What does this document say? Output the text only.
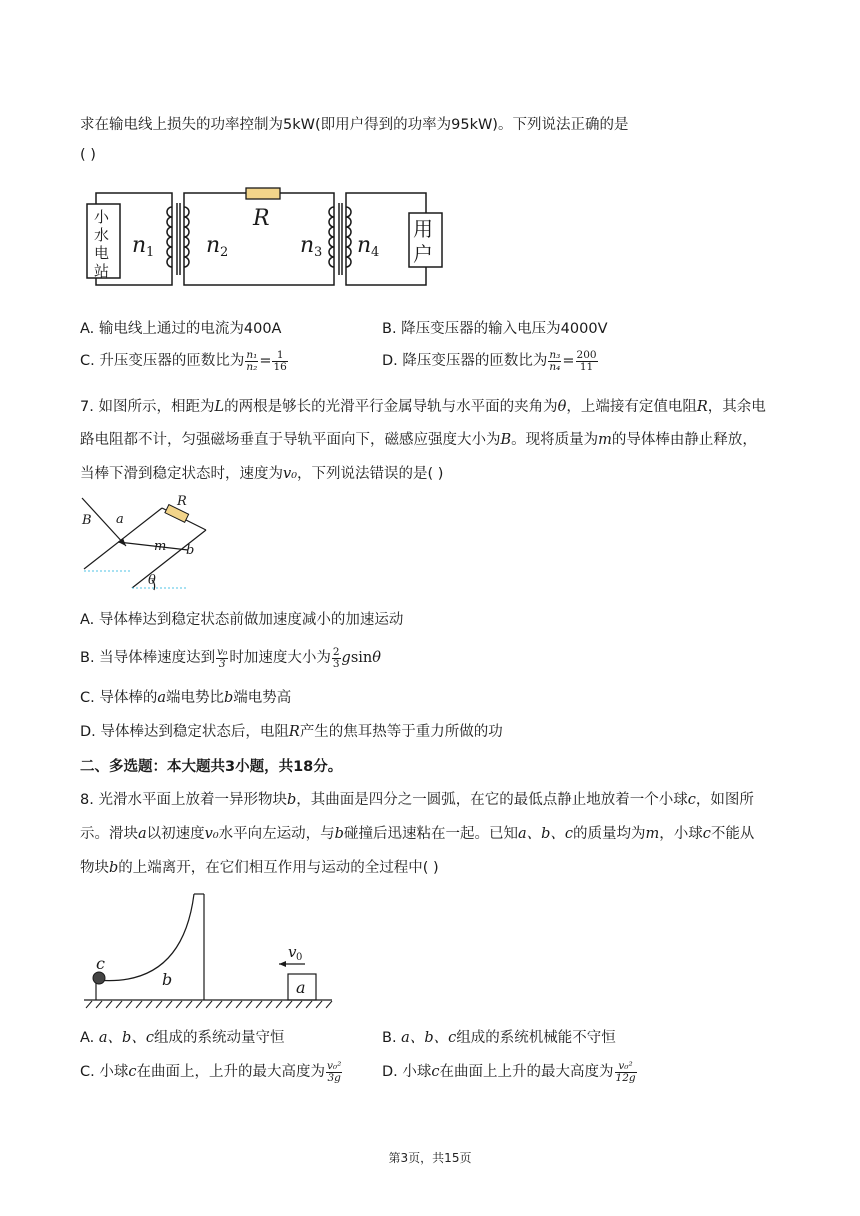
求在输电线上损失的功率控制为5kW(即用户得到的功率为95kW)。下列说法正确的是
( )
R
小
水
电
站
用
户
n 1 n 2	n 3 n 4
A. 输电线上通过的电流为400A	B. 降压变压器的输入电压为4000V
C. 升压变压器的匝数比为 $\frac{\text{n₁}}{\text{n₂}} = \frac{1}{16}$	D. 降压变压器的匝数比为 $\frac{\text{n₃}}{\text{n₄}} = \frac{200}{11}$
7. 如图所示，相距为L的两根是够长的光滑平行金属导轨与水平面的夹角为θ，上端接有定值电阻R，其余电
路电阻都不计，匀强磁场垂直于导轨平面向下，磁感应强度大小为B。现将质量为m的导体棒由静止释放，
当棒下滑到稳定状态时，速度为v₀，下列说法错误的是( )
B a
R
m b
θ
A. 导体棒达到稳定状态前做加速度减小的加速运动
B. 当导体棒速度达到 $\frac{\text{v₀}}{3}$ 时加速度大小为 $\frac{2}{3}$ gsinθ
C. 导体棒的a端电势比b端电势高
D. 导体棒达到稳定状态后，电阻R产生的焦耳热等于重力所做的功
二、多选题：本大题共3小题，共18分。
8. 光滑水平面上放着一异形物块b，其曲面是四分之一圆弧，在它的最低点静止地放着一个小球c，如图所
示。滑块a以初速度v₀水平向左运动，与b碰撞后迅速粘在一起。已知a、b、c的质量均为m，小球c不能从
物块b的上端离开，在它们相互作用与运动的全过程中( )
c
b
v 0
a
A. a、b、c组成的系统动量守恒	B. a、b、c组成的系统机械能不守恒
C. 小球c在曲面上，上升的最大高度为 $\frac{\text{v₀²}}{3g}$	D. 小球c在曲面上上升的最大高度为 $\frac{\text{v₀²}}{12g}$
第3页，共15页
